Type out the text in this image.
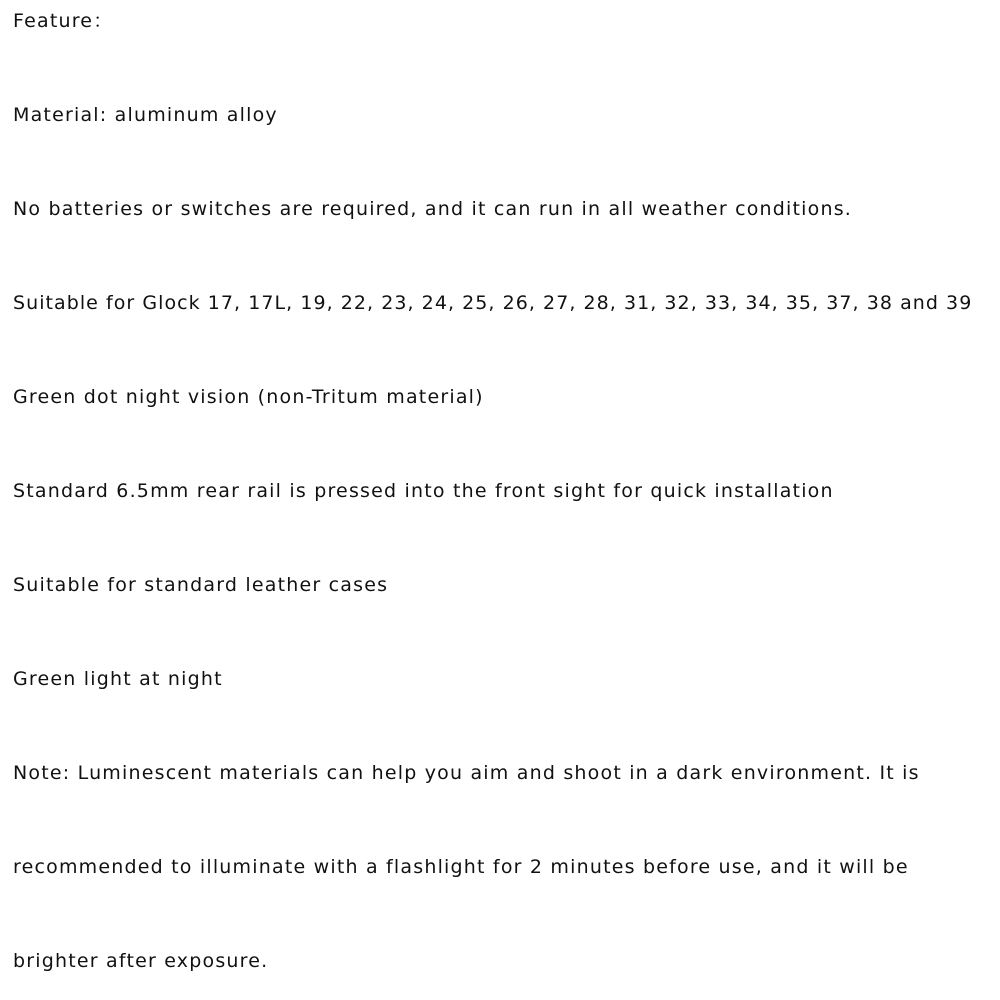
Feature：

Material: aluminum alloy

No batteries or switches are required, and it can run in all weather conditions.

Suitable for Glock 17, 17L, 19, 22, 23, 24, 25, 26, 27, 28, 31, 32, 33, 34, 35, 37, 38 and 39

Green dot night vision (non-Tritum material)

Standard 6.5mm rear rail is pressed into the front sight for quick installation

Suitable for standard leather cases

Green light at night

Note: Luminescent materials can help you aim and shoot in a dark environment. It is

recommended to illuminate with a flashlight for 2 minutes before use, and it will be

brighter after exposure.
